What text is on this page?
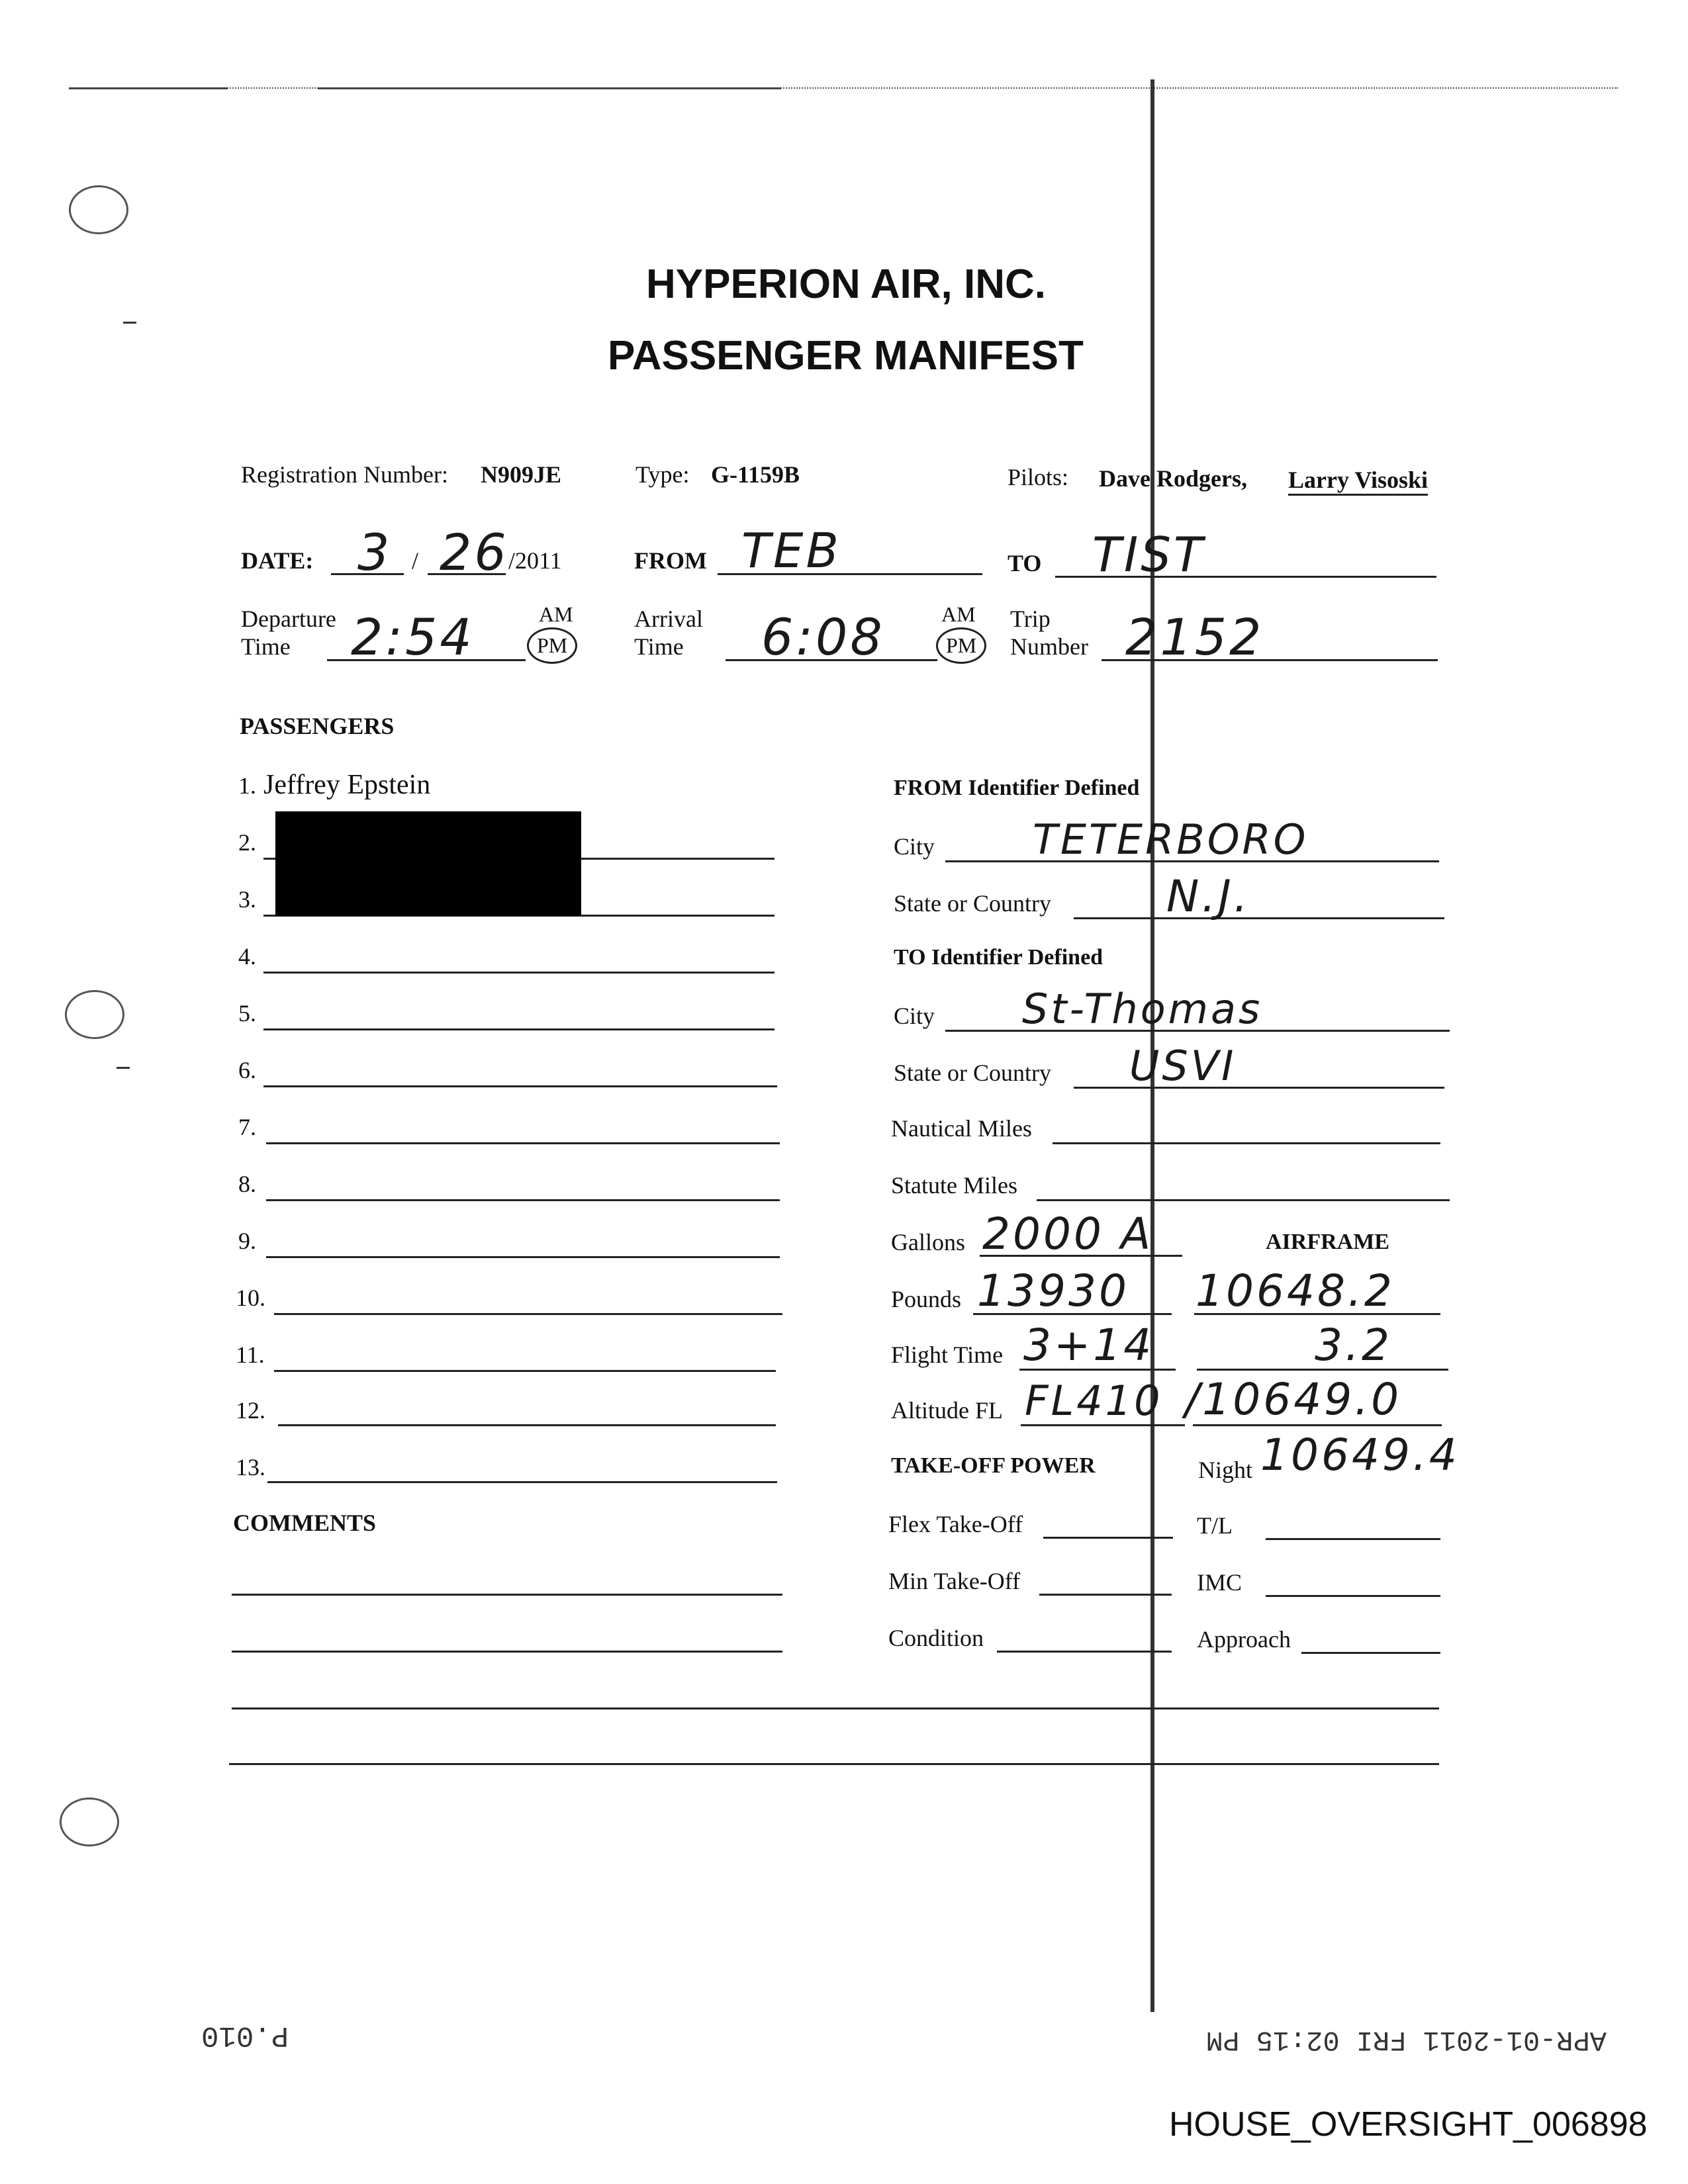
HYPERION AIR, INC.
PASSENGER MANIFEST
Registration Number: N909JE	Type: G-1159B	Pilots: Dave Rodgers, Larry Visoski
DATE: 3 / 26 /2011	FROM TEB	TO TIST
Departure
Time 2:54	AM
PM
Arrival
Time 6:08	AM
PM
Trip
Number 2152
PASSENGERS
1. Jeffrey Epstein
2.
3.
4.
5.
6.
7.
8.
9.
10.
11.
12.
13.
COMMENTS
FROM Identifier Defined
City TETERBORO
State or Country	N.J.
TO Identifier Defined
City St-Thomas
State or Country USVI
Nautical Miles
Statute Miles
Gallons 2000 A	AIRFRAME
Pounds 13930 10648.2
Flight Time 3+14	3.2
Altitude FL FL410 /10649.0
TAKE-OFF POWER	Night 10649.4
Flex Take-Off	T/L
Min Take-Off	IMC
Condition	Approach
P.010	APR-01-2011 FRI 02:15 PM
HOUSE_OVERSIGHT_006898
